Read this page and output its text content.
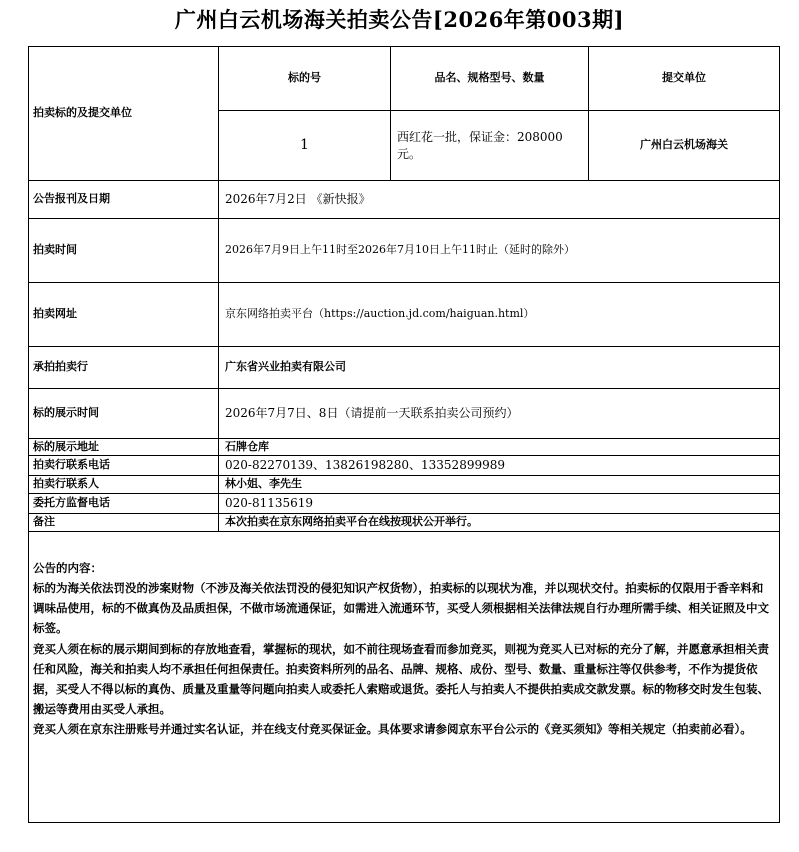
广州白云机场海关拍卖公告[2026年第003期]
拍卖标的及提交单位	标的号	品名、规格型号、数量	提交单位
	1	西红花一批，保证金：208000元。	广州白云机场海关
公告报刊及日期	2026年7月2日 《新快报》		
拍卖时间	2026年7月9日上午11时至2026年7月10日上午11时止（延时的除外）		
拍卖网址	京东网络拍卖平台（https://auction.jd.com/haiguan.html）		
承拍拍卖行	广东省兴业拍卖有限公司		
标的展示时间	2026年7月7日、8日（请提前一天联系拍卖公司预约）		
标的展示地址	石牌仓库		
拍卖行联系电话	020-82270139、13826198280、13352899989		
拍卖行联系人	林小姐、李先生		
委托方监督电话	020-81135619		
备注	本次拍卖在京东网络拍卖平台在线按现状公开举行。		

公告的内容：

标的为海关依法罚没的涉案财物（不涉及海关依法罚没的侵犯知识产权货物），拍卖标的以现状为准，并以现状交付。拍卖标的仅限用于香辛料和调味品使用，标的不做真伪及品质担保，不做市场流通保证，如需进入流通环节，买受人须根据相关法律法规自行办理所需手续、相关证照及中文标签。

竞买人须在标的展示期间到标的存放地查看，掌握标的现状，如不前往现场查看而参加竞买，则视为竞买人已对标的充分了解，并愿意承担相关责任和风险，海关和拍卖人均不承担任何担保责任。拍卖资料所列的品名、品牌、规格、成份、型号、数量、重量标注等仅供参考，不作为提货依据，买受人不得以标的真伪、质量及重量等问题向拍卖人或委托人索赔或退货。委托人与拍卖人不提供拍卖成交款发票。标的物移交时发生包装、搬运等费用由买受人承担。

竞买人须在京东注册账号并通过实名认证，并在线支付竞买保证金。具体要求请参阅京东平台公示的《竞买须知》等相关规定（拍卖前必看）。			
